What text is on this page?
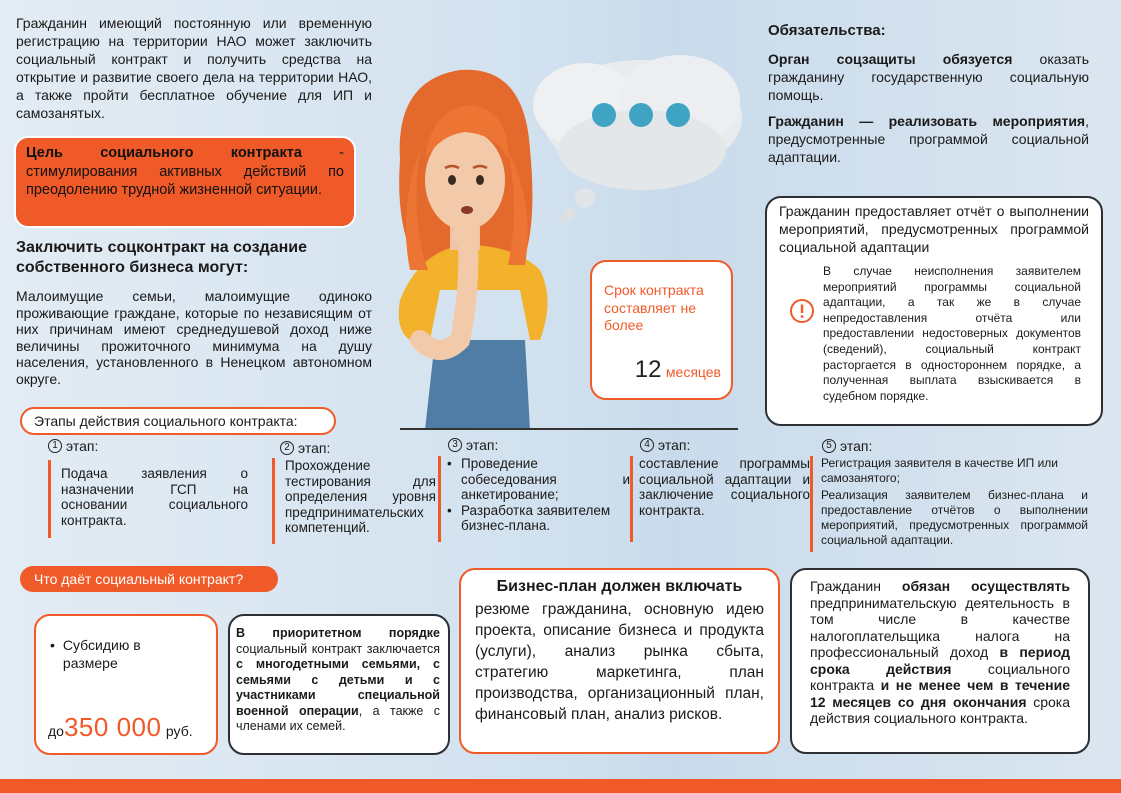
Гражданин имеющий постоянную или временную регистрацию на территории НАО может заключить социальный контракт и получить средства на открытие и развитие своего дела на территории НАО, а также пройти бесплатное обучение для ИП и самозанятых.
Цель социального контракта - стимулирования активных действий по преодолению трудной жизненной ситуации.
Заключить соцконтракт на создание собственного бизнеса могут:
Малоимущие семьи, малоимущие одиноко проживающие граждане, которые по независящим от них причинам имеют среднедушевой доход ниже величины прожиточного минимума на душу населения, установленного в Ненецком автономном округе.
Срок контракта составляет не более
12 месяцев
Обязательства:

Орган соцзащиты обязуется оказать гражданину государственную социальную помощь.

Гражданин — реализовать мероприятия, предусмотренные программой социальной адаптации.

Гражданин предоставляет отчёт о выполнении мероприятий, предусмотренных программой социальной адаптации
В случае неисполнения заявителем мероприятий программы социальной адаптации, а так же в случае непредоставления отчёта или предоставлении недостоверных документов (сведений), социальный контракт расторгается в одностороннем порядке, а полученная выплата взыскивается в судебном порядке.
Этапы действия социального контракта:
1 этап:
Подача заявления о назначении ГСП на основании социального контракта.
2 этап:
Прохождение тестирования для определения уровня предпринимательских компетенций.
3 этап:
• Проведение собеседования и анкетирование;
• Разработка заявителем бизнес-плана.
4 этап:
составление программы социальной адаптации и заключение социального контракта.
5 этап:
Регистрация заявителя в качестве ИП или самозанятого;
Реализация заявителем бизнес-плана и предоставление отчётов о выполнении мероприятий, предусмотренных программой социальной адаптации.
Что даёт социальный контракт?
• Субсидию в размере
до350 000 руб.
В приоритетном порядке социальный контракт заключается с многодетными семьями, с семьями с детьми и с участниками специальной военной операции, а также с членами их семей.
Бизнес-план должен включать
резюме гражданина, основную идею проекта, описание бизнеса и продукта (услуги), анализ рынка сбыта, стратегию маркетинга, план производства, организационный план, финансовый план, анализ рисков.
Гражданин обязан осуществлять предпринимательскую деятельность в том числе в качестве налогоплательщика налога на профессиональный доход в период срока действия социального контракта и не менее чем в течение 12 месяцев со дня окончания срока действия социального контракта.
